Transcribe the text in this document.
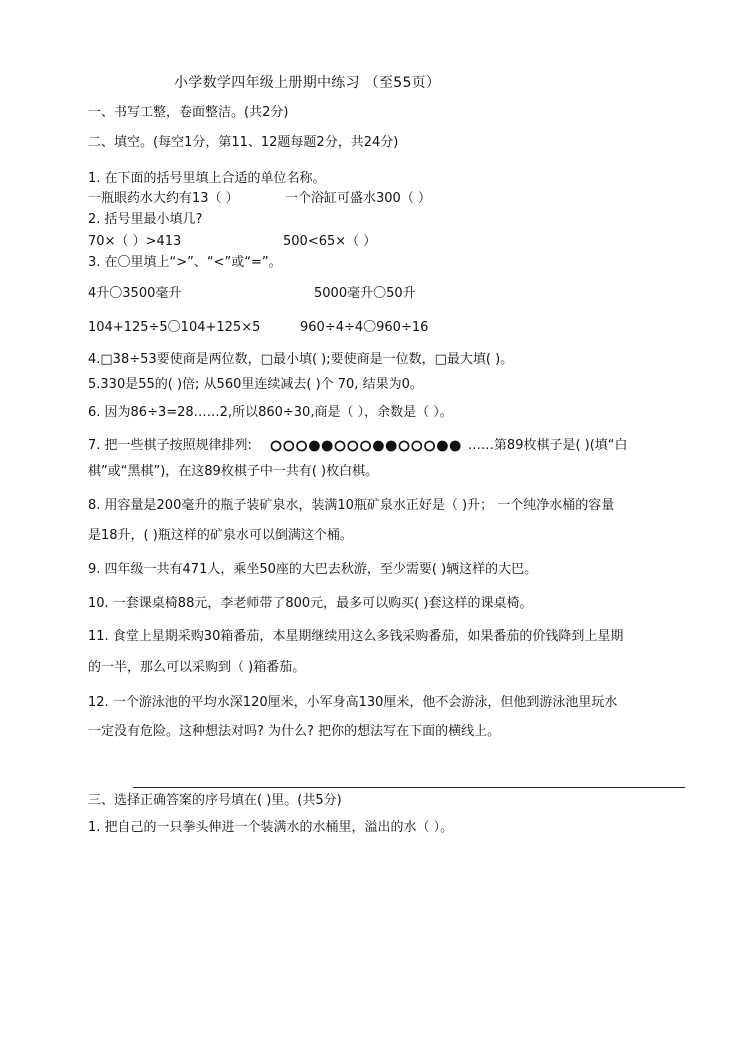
小学数学四年级上册期中练习 （至55页）
一、书写工整，卷面整洁。(共2分)
二、填空。(每空1分，第11、12题每题2分，共24分)
1. 在下面的括号里填上合适的单位名称。
一瓶眼药水大约有13（ ）	一个浴缸可盛水300（ ）
2. 括号里最小填几?
70×（ ）>413	500<65×（ ）
3. 在〇里填上“>”、“<”或“=”。
4升〇3500毫升	5000毫升〇50升
104+125÷5〇104+125×5	960÷4÷4〇960÷16
4.□38÷53要使商是两位数，□最小填( );要使商是一位数，□最大填( )。
5.330是55的( )倍; 从560里连续减去( )个 70, 结果为0。
6. 因为86÷3=28……2,所以860÷30,商是（ ），余数是（ ）。
7. 把一些棋子按照规律排列:	……第89枚棋子是( )(填“白
棋”或“黑棋”)，在这89枚棋子中一共有( )枚白棋。
8. 用容量是200毫升的瓶子装矿泉水，装满10瓶矿泉水正好是（ )升； 一个纯净水桶的容量
是18升，( )瓶这样的矿泉水可以倒满这个桶。
9. 四年级一共有471人，乘坐50座的大巴去秋游，至少需要( )辆这样的大巴。
10. 一套课桌椅88元，李老师带了800元，最多可以购买( )套这样的课桌椅。
11. 食堂上星期采购30箱番茄，本星期继续用这么多钱采购番茄，如果番茄的价钱降到上星期
的一半，那么可以采购到（ )箱番茄。
12. 一个游泳池的平均水深120厘米，小军身高130厘米，他不会游泳，但他到游泳池里玩水
一定没有危险。这种想法对吗? 为什么? 把你的想法写在下面的横线上。
三、选择正确答案的序号填在( )里。(共5分)
1. 把自己的一只拳头伸进一个装满水的水桶里，溢出的水（ ）。
